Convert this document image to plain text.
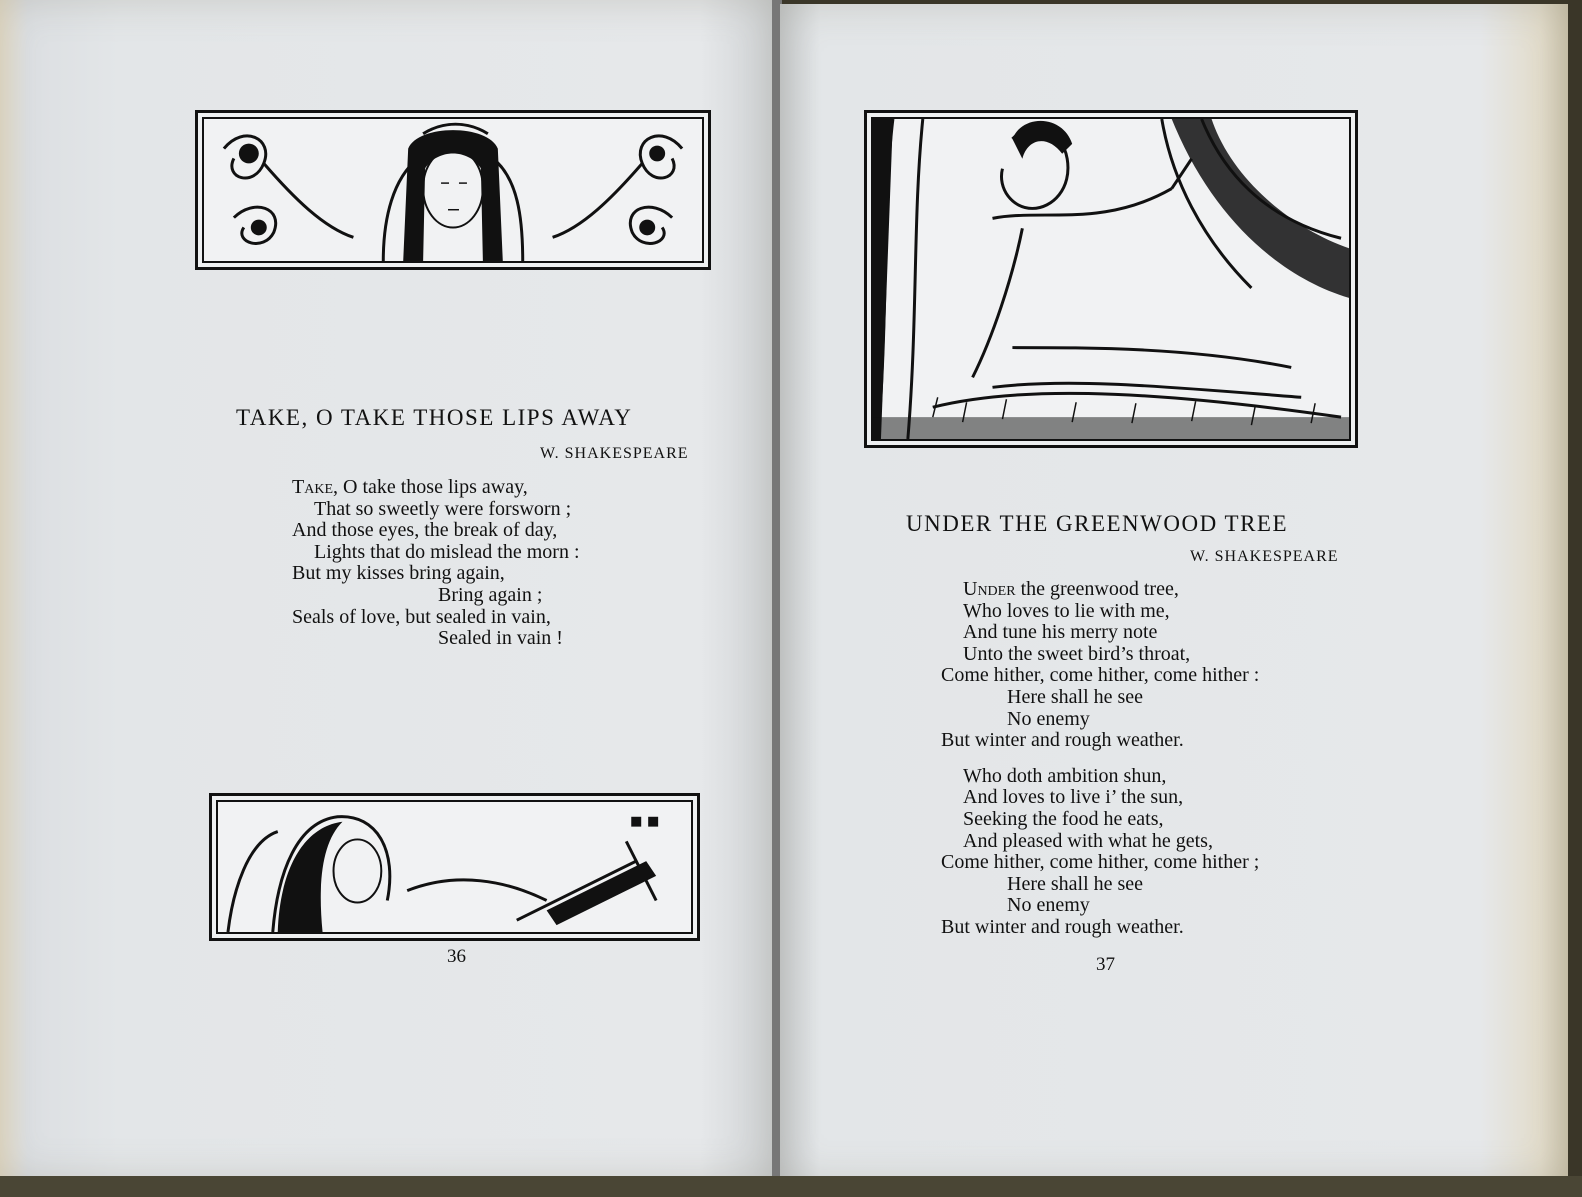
TAKE, O TAKE THOSE LIPS AWAY
W. SHAKESPEARE
Take, O take those lips away,
That so sweetly were forsworn ;
And those eyes, the break of day,
Lights that do mislead the morn :
But my kisses bring again,
Bring again ;
Seals of love, but sealed in vain,
Sealed in vain !
36
UNDER THE GREENWOOD TREE
W. SHAKESPEARE
Under the greenwood tree,
Who loves to lie with me,
And tune his merry note
Unto the sweet bird’s throat,
Come hither, come hither, come hither :
Here shall he see
No enemy
But winter and rough weather.
Who doth ambition shun,
And loves to live i’ the sun,
Seeking the food he eats,
And pleased with what he gets,
Come hither, come hither, come hither ;
Here shall he see
No enemy
But winter and rough weather.
37
